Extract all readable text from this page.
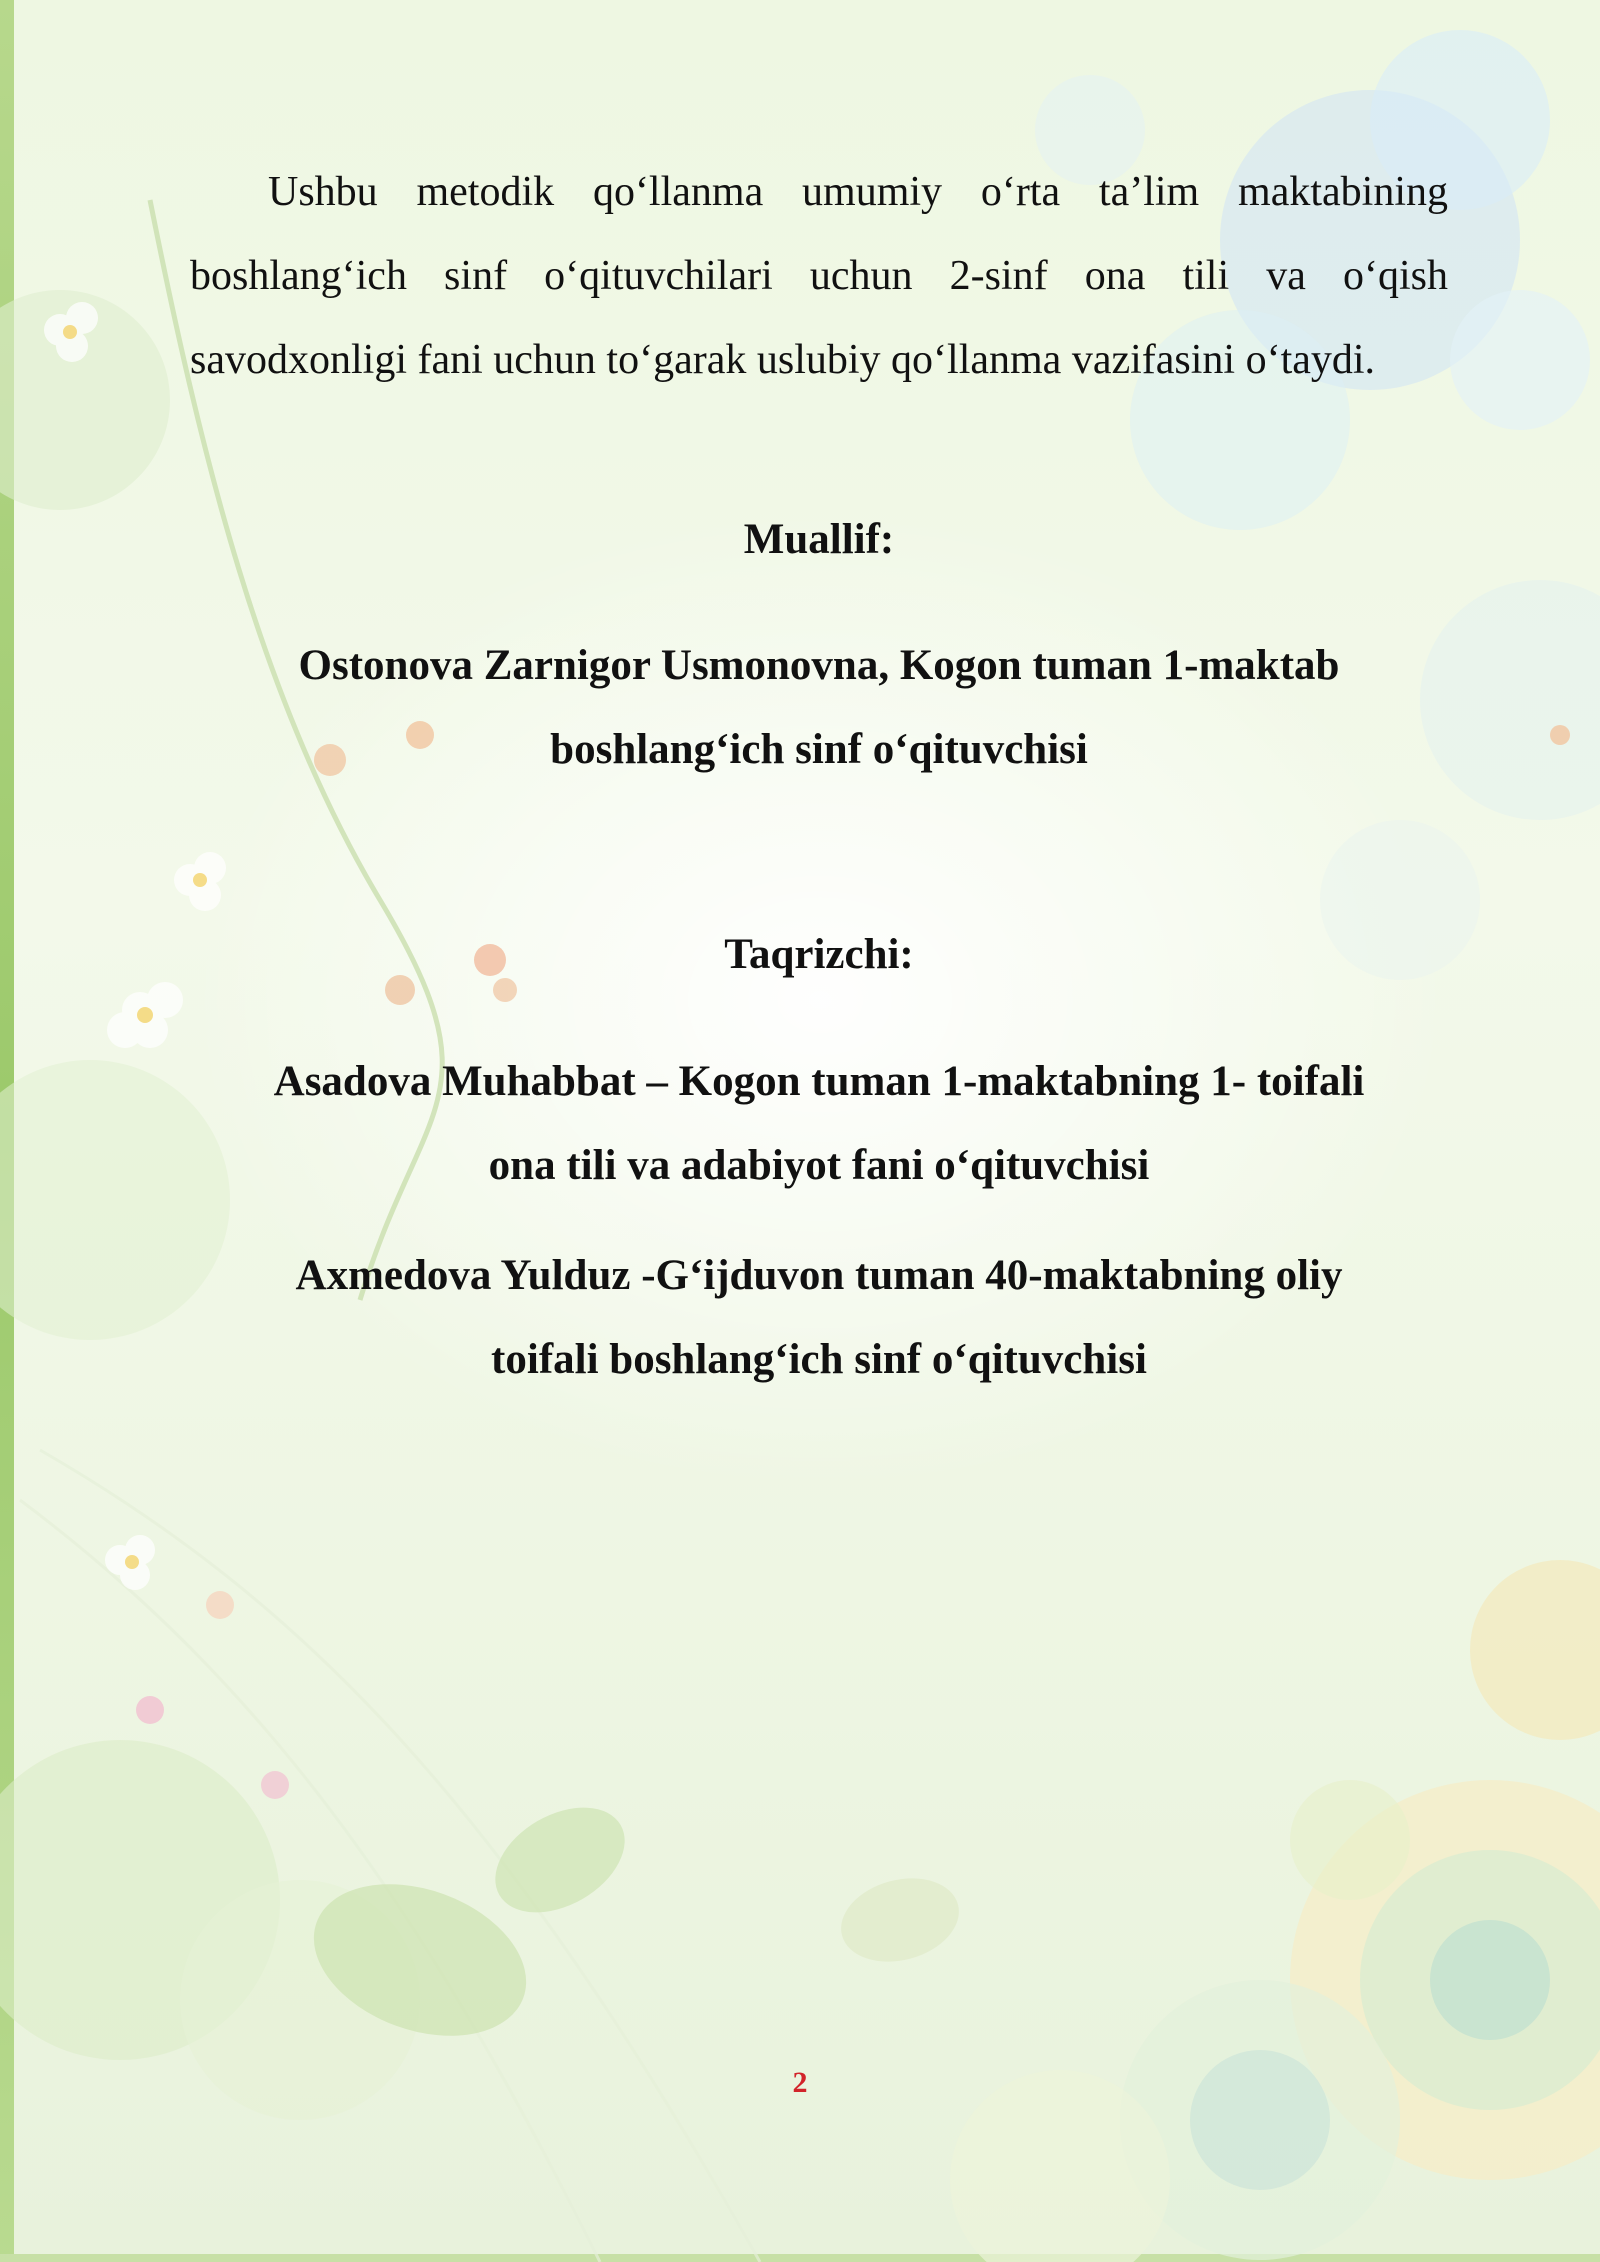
Ushbu metodik qo‘llanma umumiy o‘rta ta’lim maktabining boshlang‘ich sinf o‘qituvchilari uchun 2-sinf ona tili va o‘qish savodxonligi fani uchun to‘garak uslubiy qo‘llanma vazifasini o‘taydi.

Muallif:

Ostonova Zarnigor Usmonovna, Kogon tuman 1-maktab
boshlang‘ich sinf o‘qituvchisi

Taqrizchi:

Asadova Muhabbat – Kogon tuman 1-maktabning 1- toifali
ona tili va adabiyot fani o‘qituvchisi

Axmedova Yulduz -G‘ijduvon tuman 40-maktabning oliy
toifali boshlang‘ich sinf o‘qituvchisi

2
